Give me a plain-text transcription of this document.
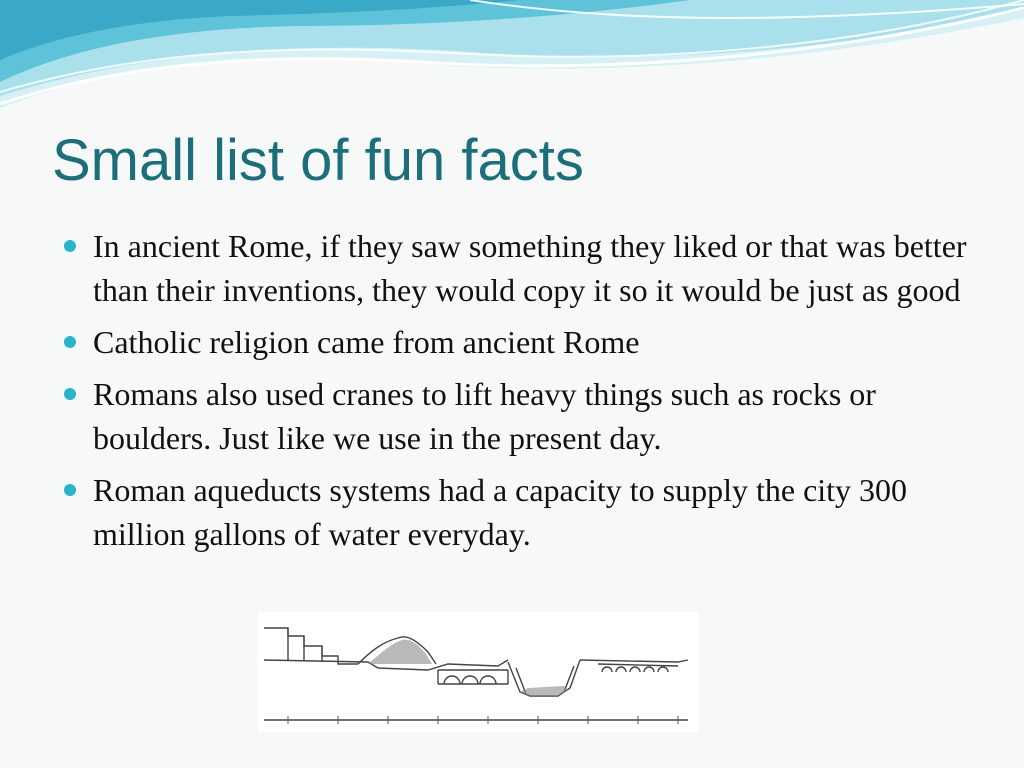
Small list of fun facts
In ancient Rome, if they saw something they liked or that was better than their inventions, they would copy it so it would be just as good
Catholic religion came from ancient Rome
Romans also used cranes to lift heavy things such as rocks or boulders. Just like we use in the present day.
Roman aqueducts systems had a capacity to supply the city 300 million gallons of water everyday.
